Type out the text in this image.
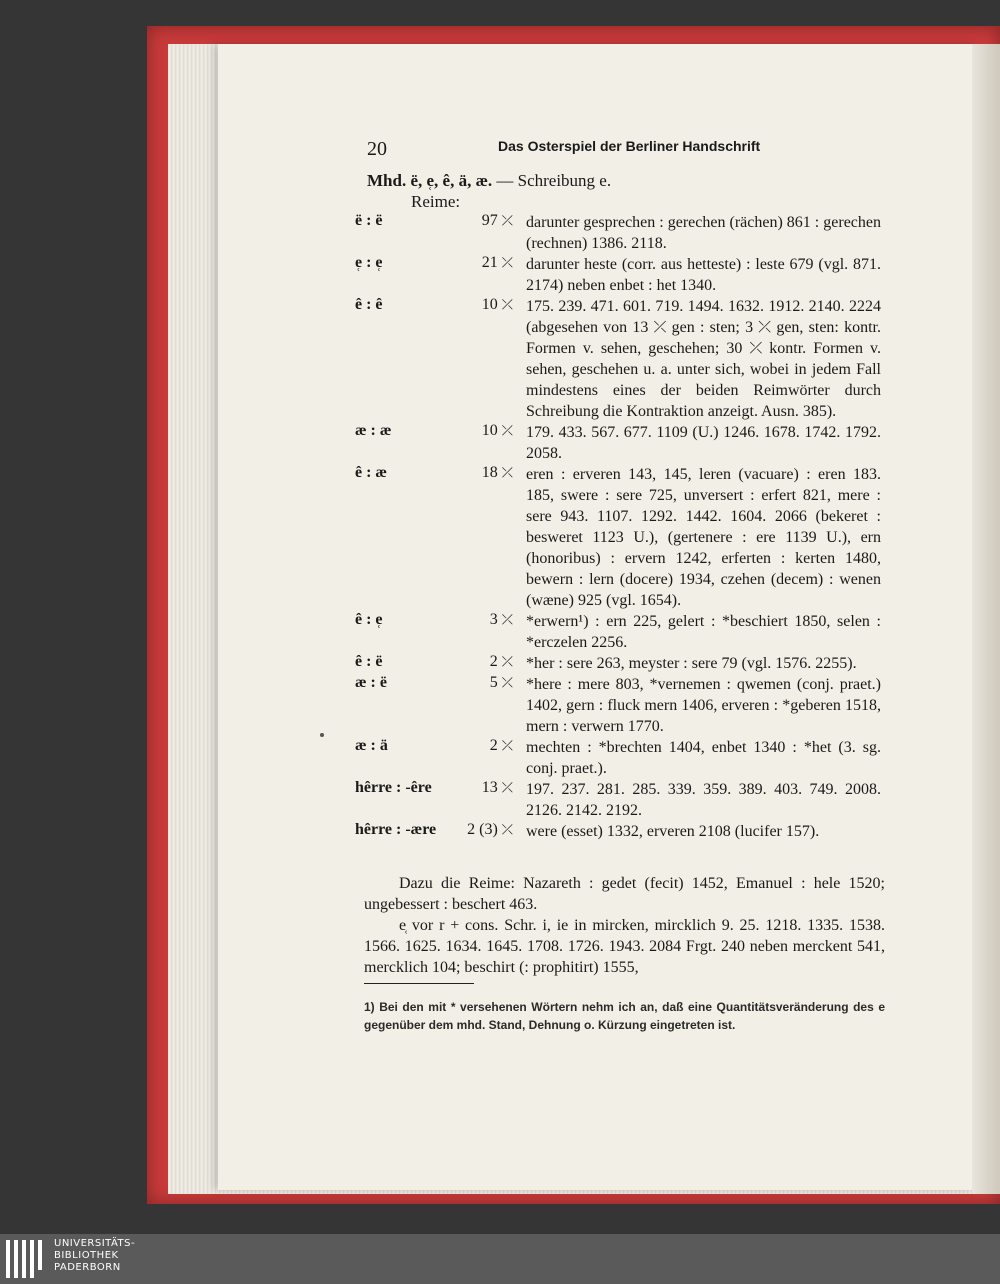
20	Das Osterspiel der Berliner Handschrift
Mhd. ë, e̜, ê, ä, æ. — Schreibung e.
Reime:
ë : ë	97 ⤫ darunter gesprechen : gerechen (rächen) 861 : gerechen (rechnen) 1386. 2118.
e̜ : e̜	21 ⤫ darunter heste (corr. aus hetteste) : leste 679 (vgl. 871. 2174) neben enbet : het 1340.
ê : ê	10 ⤫ 175. 239. 471. 601. 719. 1494. 1632. 1912. 2140. 2224 (abgesehen von 13 ⤫ gen : sten; 3 ⤫ gen, sten: kontr. Formen v. sehen, geschehen; 30 ⤫ kontr. Formen v. sehen, geschehen u. a. unter sich, wobei in jedem Fall mindestens eines der beiden Reimwörter durch Schreibung die Kontraktion anzeigt. Ausn. 385).
æ : æ	10 ⤫ 179. 433. 567. 677. 1109 (U.) 1246. 1678. 1742. 1792. 2058.
ê : æ	18 ⤫ eren : erveren 143, 145, leren (vacuare) : eren 183. 185, swere : sere 725, unversert : erfert 821, mere : sere 943. 1107. 1292. 1442. 1604. 2066 (bekeret : besweret 1123 U.), (gertenere : ere 1139 U.), ern (honoribus) : ervern 1242, erferten : kerten 1480, bewern : lern (docere) 1934, czehen (decem) : wenen (wæne) 925 (vgl. 1654).
ê : e̜	3 ⤫ *erwern¹) : ern 225, gelert : *beschiert 1850, selen : *erczelen 2256.
ê : ë	2 ⤫ *her : sere 263, meyster : sere 79 (vgl. 1576. 2255).
æ : ë	5 ⤫ *here : mere 803, *vernemen : qwemen (conj. praet.) 1402, gern : fluck mern 1406, erveren : *geberen 1518, mern : verwern 1770.
æ : ä	2 ⤫ mechten : *brechten 1404, enbet 1340 : *het (3. sg. conj. praet.).
hêrre : -êre	13 ⤫ 197. 237. 281. 285. 339. 359. 389. 403. 749. 2008. 2126. 2142. 2192.
hêrre : -ære 2 (3) ⤫ were (esset) 1332, erveren 2108 (lucifer 157).

Dazu die Reime: Nazareth : gedet (fecit) 1452, Emanuel : hele 1520; ungebessert : beschert 463.

e̜ vor r + cons. Schr. i, ie in mircken, mircklich 9. 25. 1218. 1335. 1538. 1566. 1625. 1634. 1645. 1708. 1726. 1943. 2084 Frgt. 240 neben merckent 541, mercklich 104; beschirt (: prophitirt) 1555,

1) Bei den mit * versehenen Wörtern nehm ich an, daß eine Quantitätsveränderung des e gegenüber dem mhd. Stand, Dehnung o. Kürzung eingetreten ist.
UNIVERSITÄTS-
BIBLIOTHEK
PADERBORN
